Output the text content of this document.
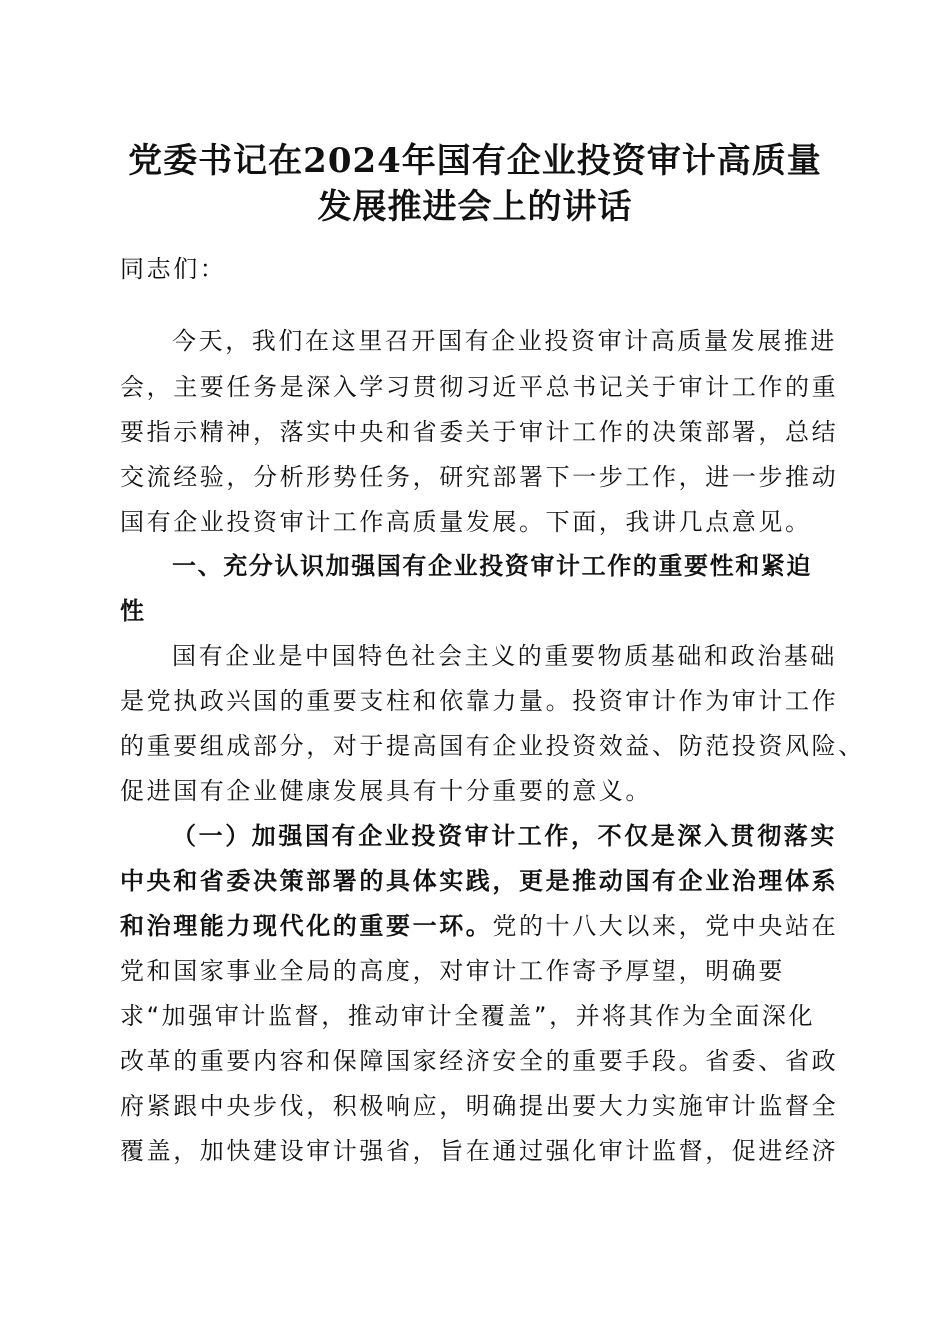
党委书记在2024年国有企业投资审计高质量
发展推进会上的讲话
同志们：
今天，我们在这里召开国有企业投资审计高质量发展推进
会，主要任务是深入学习贯彻习近平总书记关于审计工作的重
要指示精神，落实中央和省委关于审计工作的决策部署，总结
交流经验，分析形势任务，研究部署下一步工作，进一步推动
国有企业投资审计工作高质量发展。下面，我讲几点意见。
一、充分认识加强国有企业投资审计工作的重要性和紧迫
性
国有企业是中国特色社会主义的重要物质基础和政治基础
是党执政兴国的重要支柱和依靠力量。投资审计作为审计工作
的重要组成部分，对于提高国有企业投资效益、防范投资风险、
促进国有企业健康发展具有十分重要的意义。
（一）加强国有企业投资审计工作，不仅是深入贯彻落实
中央和省委决策部署的具体实践，更是推动国有企业治理体系
和治理能力现代化的重要一环。党的十八大以来，党中央站在
党和国家事业全局的高度，对审计工作寄予厚望，明确要
求“加强审计监督，推动审计全覆盖”，并将其作为全面深化
改革的重要内容和保障国家经济安全的重要手段。省委、省政
府紧跟中央步伐，积极响应，明确提出要大力实施审计监督全
覆盖，加快建设审计强省，旨在通过强化审计监督，促进经济
